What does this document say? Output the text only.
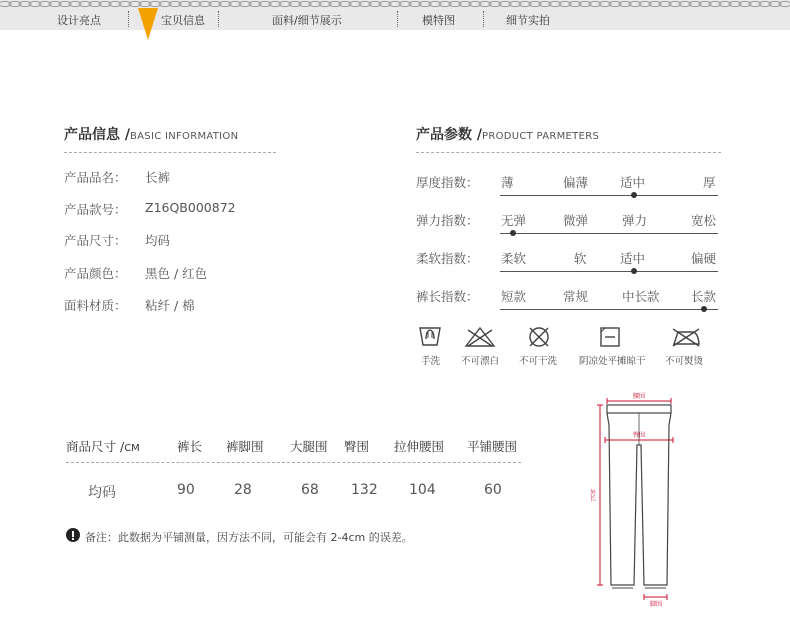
设计亮点	宝贝信息	面料/细节展示	模特图	细节实拍
产品信息 /BASIC INFORMATION
产品品名： 长裤
产品款号： Z16QB000872
产品尺寸： 均码
产品颜色： 黑色 / 红色
面料材质： 粘纤 / 棉
产品参数 /PRODUCT PARMETERS
厚度指数： 薄	偏薄	适中	厚
弹力指数： 无弹	微弹	弹力	宽松
柔软指数： 柔软	软	适中	偏硬
裤长指数： 短款	常规	中长款	长款
手洗 不可漂白 不可干洗 阴凉处平摊晾干 不可熨烫
商品尺寸 /CM	裤长 裤脚围 大腿围 臀围 拉伸腰围 平铺腰围
均码	90	28	68 132 104	60
备注：此数据为平铺测量，因方法不同，可能会有 2-4cm 的误差。
腰围
臀围
外长
脚围
